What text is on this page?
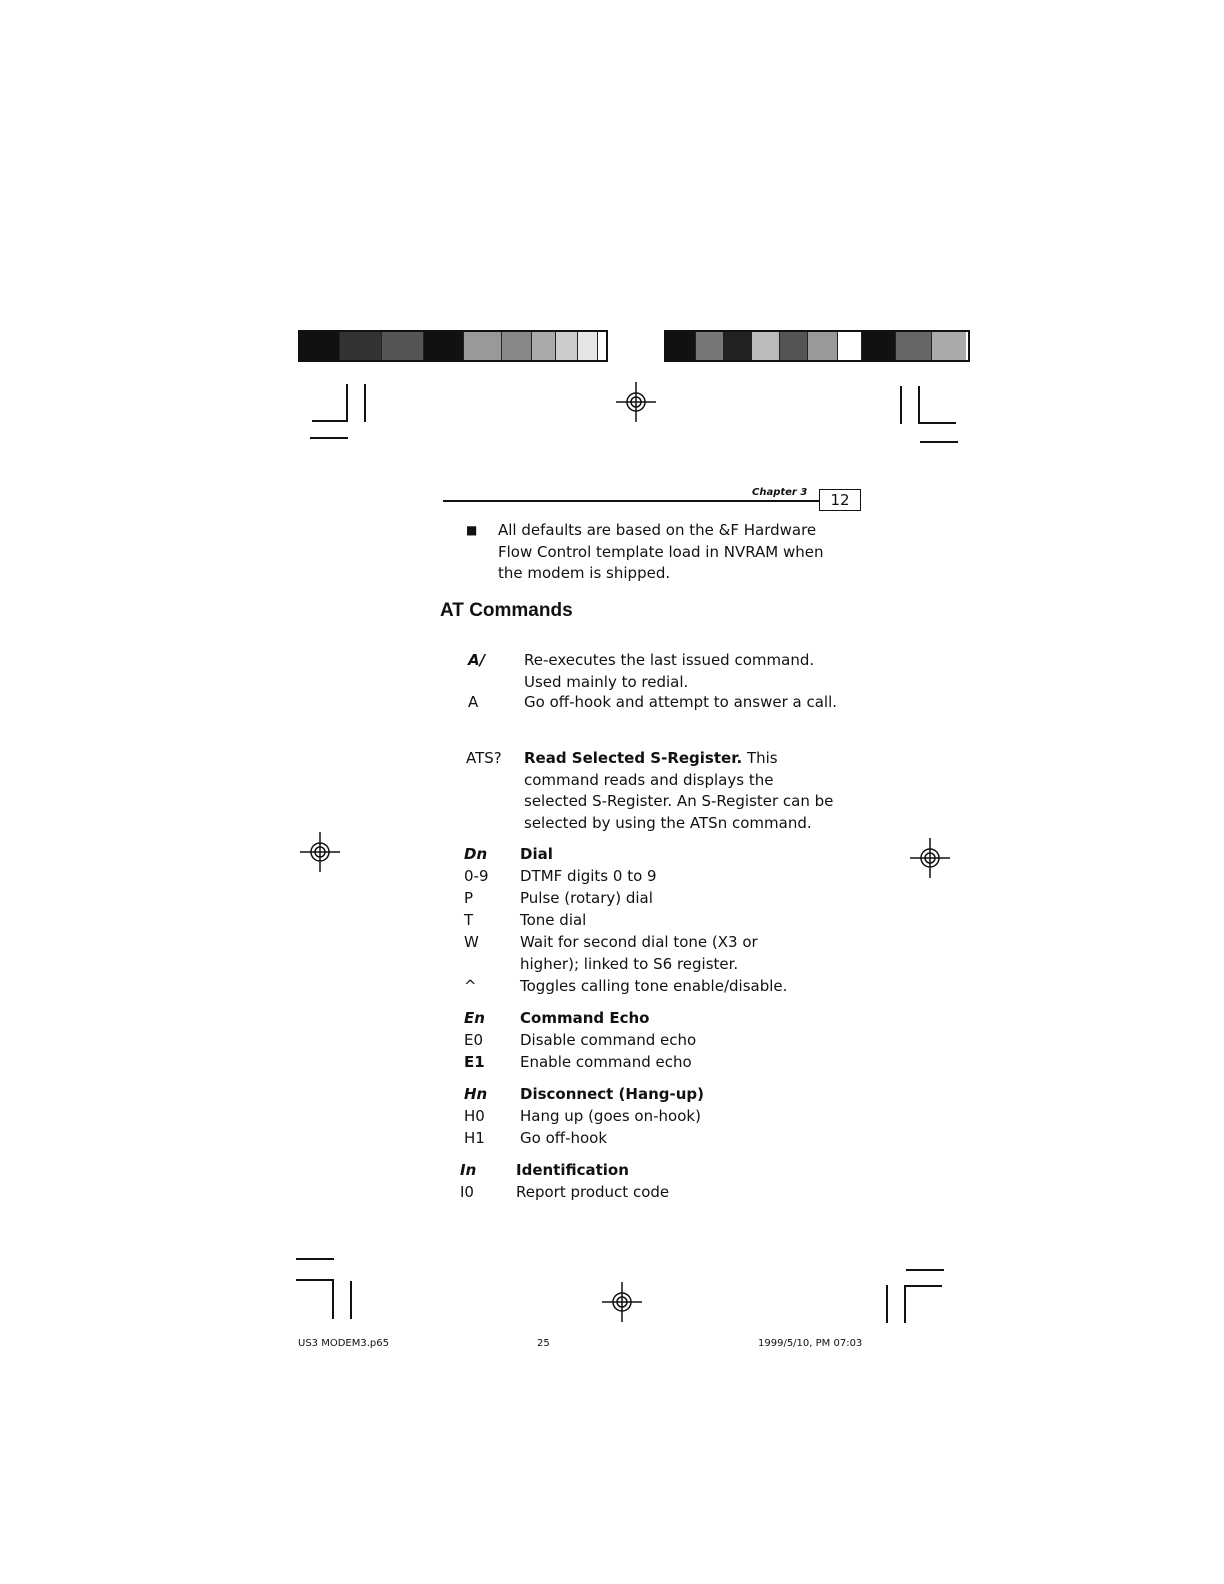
Chapter 3	12
■ All defaults are based on the &F Hardware Flow Control template load in NVRAM when the modem is shipped.
AT Commands
A/	Re-executes the last issued command. Used mainly to redial.
A	Go off-hook and attempt to answer a call.
ATS? Read Selected S-Register. This command reads and displays the selected S-Register. An S-Register can be selected by using the ATSn command.
Dn Dial
0-9 DTMF digits 0 to 9
P	Pulse (rotary) dial
T	Tone dial
W	Wait for second dial tone (X3 or higher); linked to S6 register.
^	Toggles calling tone enable/disable.
En Command Echo
E0 Disable command echo
E1 Enable command echo
Hn Disconnect (Hang-up)
H0 Hang up (goes on-hook)
H1 Go off-hook
In	Identification
I0	Report product code
US3 MODEM3.p65	25	1999/5/10, PM 07:03
